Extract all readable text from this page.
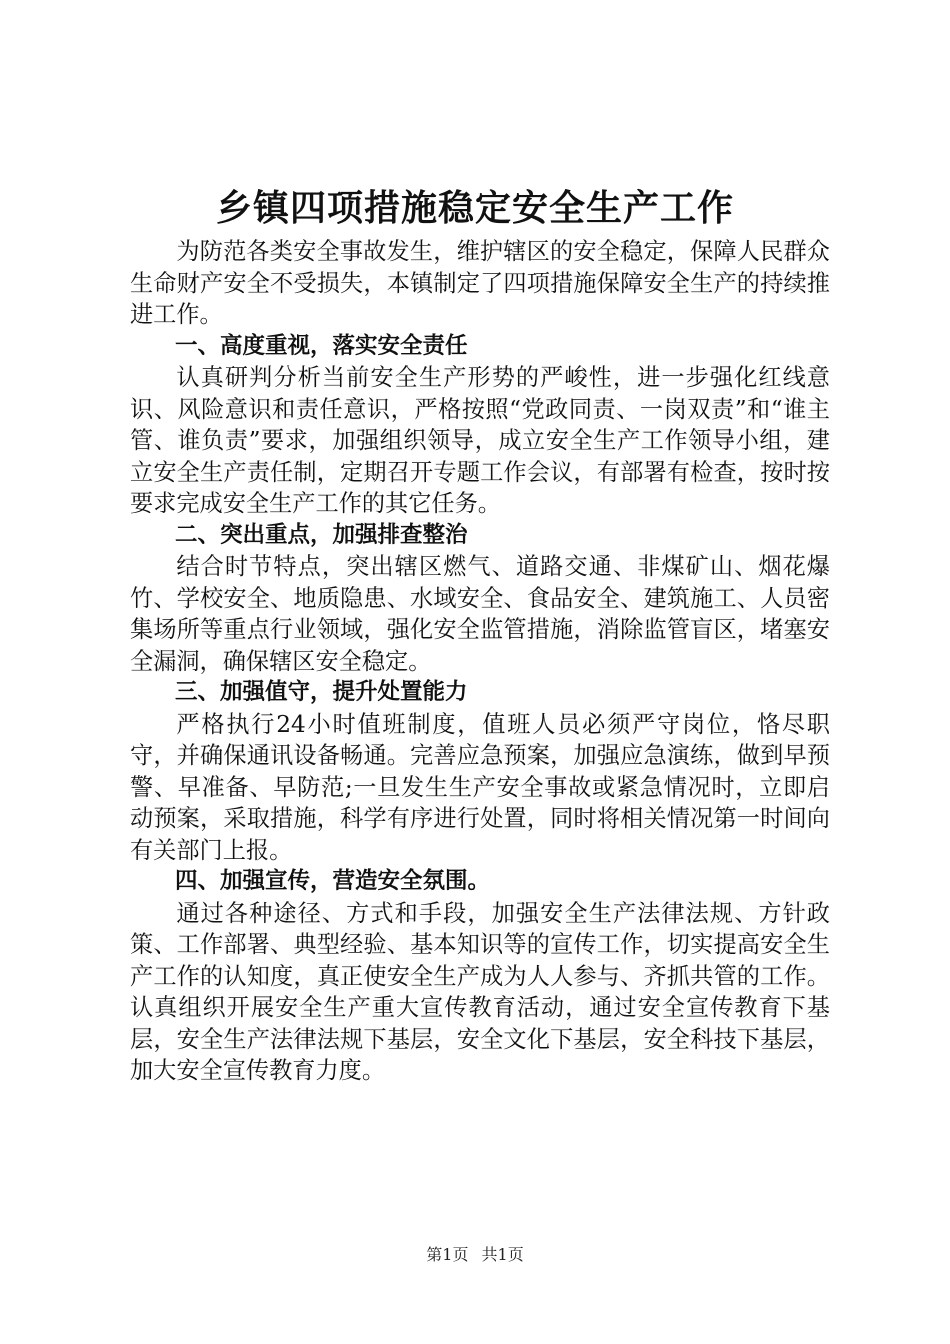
乡镇四项措施稳定安全生产工作

为防范各类安全事故发生，维护辖区的安全稳定，保障人民群众生命财产安全不受损失，本镇制定了四项措施保障安全生产的持续推进工作。

一、高度重视，落实安全责任

认真研判分析当前安全生产形势的严峻性，进一步强化红线意识、风险意识和责任意识，严格按照“党政同责、一岗双责”和“谁主管、谁负责”要求，加强组织领导，成立安全生产工作领导小组，建立安全生产责任制，定期召开专题工作会议，有部署有检查，按时按要求完成安全生产工作的其它任务。

二、突出重点，加强排查整治

结合时节特点，突出辖区燃气、道路交通、非煤矿山、烟花爆竹、学校安全、地质隐患、水域安全、食品安全、建筑施工、人员密集场所等重点行业领域，强化安全监管措施，消除监管盲区，堵塞安全漏洞，确保辖区安全稳定。

三、加强值守，提升处置能力

严格执行24小时值班制度，值班人员必须严守岗位，恪尽职守，并确保通讯设备畅通。完善应急预案，加强应急演练，做到早预警、早准备、早防范;一旦发生生产安全事故或紧急情况时，立即启动预案，采取措施，科学有序进行处置，同时将相关情况第一时间向有关部门上报。

四、加强宣传，营造安全氛围。

通过各种途径、方式和手段，加强安全生产法律法规、方针政策、工作部署、典型经验、基本知识等的宣传工作，切实提高安全生产工作的认知度，真正使安全生产成为人人参与、齐抓共管的工作。认真组织开展安全生产重大宣传教育活动，通过安全宣传教育下基层，安全生产法律法规下基层，安全文化下基层，安全科技下基层，加大安全宣传教育力度。

第1页 共1页
